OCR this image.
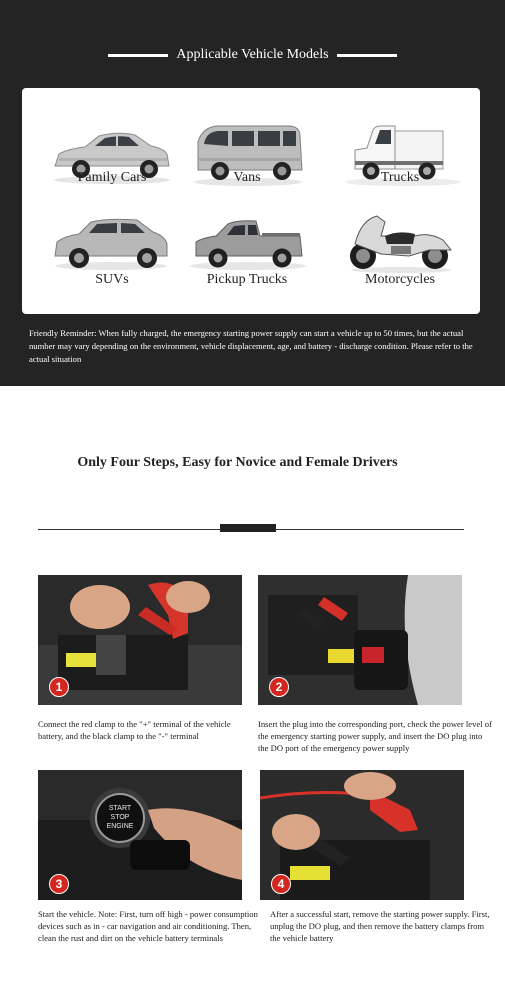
Applicable Vehicle Models
Family Cars	Vans	Trucks
SUVs	Pickup Trucks	Motorcycles
Friendly Reminder: When fully charged, the emergency starting power supply can start a vehicle up to 50 times, but the actual number may vary depending on the environment, vehicle displacement, age, and battery - discharge condition. Please refer to the actual situation
Only Four Steps, Easy for Novice and Female Drivers
1	2
Connect the red clamp to the "+" terminal of the vehicle battery, and the black clamp to the "-" terminal
Insert the plug into the corresponding port, check the power level of the emergency starting power supply, and insert the DO plug into the DO port of the emergency power supply
START
STOP
ENGINE
3	4
Start the vehicle. Note: First, turn off high - power consumption devices such as in - car navigation and air conditioning. Then, clean the rust and dirt on the vehicle battery terminals
After a successful start, remove the starting power supply. First, unplug the DO plug, and then remove the battery clamps from the vehicle battery
